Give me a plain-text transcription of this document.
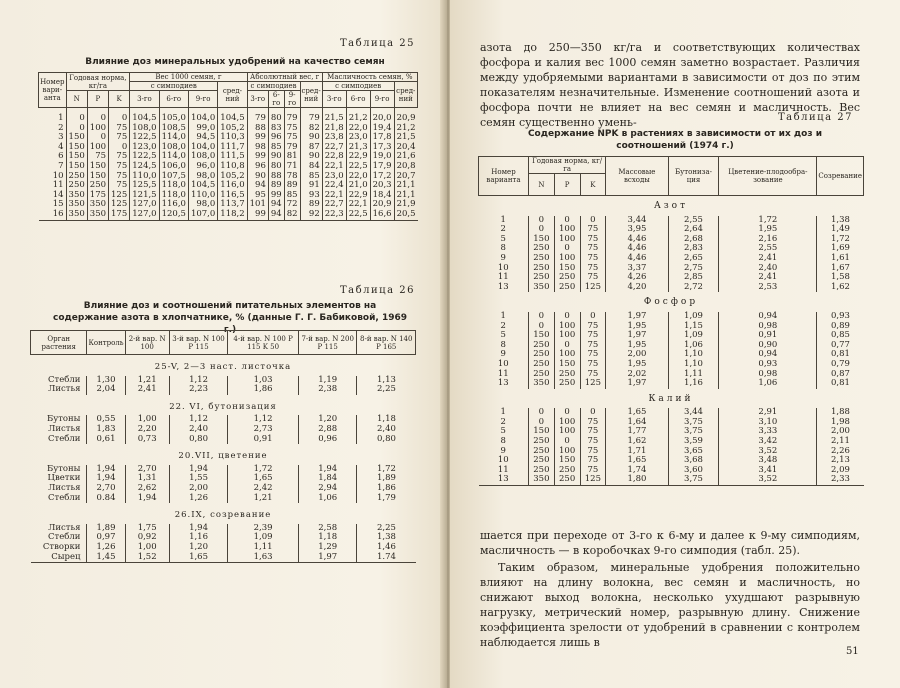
Таблица 25
Влияние доз минеральных удобрений на качество семян
Номер вари-анта	Годовая норма, кг/га			Вес 1000 семян, г				Абсолютный вес, г				Масличность семян, %			
				с симподиев			сред-ний	с симподиев			сред-ний	с симподиев			сред-ний
	N	P	K	3-го	6-го	9-го		3-го	6-го	9-го		3-го	6-го	9-го	
1	0	0	0	104,5	105,0	104,0	104,5	79	80	79	79	21,5	21,2	20,0	20,9
2	0	100	75	108,0	108,5	99,0	105,2	88	83	75	82	21,8	22,0	19,4	21,2
3	150	0	75	122,5	114,0	94,5	110,3	99	96	75	90	23,8	23,0	17,8	21,5
4	150	100	0	123,0	108,0	104,0	111,7	98	85	79	87	22,7	21,3	17,3	20,4
6	150	75	75	122,5	114,0	108,0	111,5	99	90	81	90	22,8	22,9	19,0	21,6
7	150	150	75	124,5	106,0	96,0	110,8	96	80	71	84	22,1	22,5	17,9	20,8
10	250	150	75	110,0	107,5	98,0	105,2	90	88	78	85	23,0	22,0	17,2	20,7
11	250	250	75	125,5	118,0	104,5	116,0	94	89	89	91	22,4	21,0	20,3	21,1
14	350	175	125	121,5	118,0	110,0	116,5	95	99	85	93	22,1	22,9	18,4	21,1
15	350	350	125	127,0	116,0	98,0	113,7	101	94	72	89	22,7	22,1	20,9	21,9
16	350	350	175	127,0	120,5	107,0	118,2	99	94	82	92	22,3	22,5	16,6	20,5
Таблица 26
Влияние доз и соотношений питательных элементов на содержание азота в хлопчатнике, % (данные Г. Г. Бабиковой, 1969 г.)
Орган растения	Контроль	2-й вар. N 100	3-й вар. N 100 P 115	4-й вар. N 100 P 115 K 50	7-й вар. N 200 P 115	8-й вар. N 140 P 165
25-V, 2—3 наст. листочка						
Стебли	1,30	1,21	1,12	1,03	1,19	1,13
Листья	2,04	2,41	2,23	1,86	2,38	2,25
22. VI, бутонизация						
Бутоны	0,55	1,00	1,12	1,12	1,20	1,18
Листья	1,83	2,20	2,40	2,73	2,88	2,40
Стебли	0,61	0,73	0,80	0,91	0,96	0,80
20.VII, цветение						
Бутоны	1,94	2,70	1,94	1,72	1,94	1,72
Цветки	1,94	1,31	1,55	1,65	1,84	1,89
Листья	2,70	2,62	2,00	2,42	2,94	1,86
Стебли	0.84	1,94	1,26	1,21	1,06	1,79
26.IX, созревание						
Листья	1,89	1,75	1,94	2,39	2,58	2,25
Стебли	0,97	0,92	1,16	1,09	1,18	1,38
Створки	1,26	1,00	1,20	1,11	1,29	1,46
Сырец	1,45	1,52	1,65	1,63	1,97	1.74
азота до 250—350 кг/га и соответствующих количествах фосфора и калия вес 1000 семян заметно возрастает. Различия между удобряемыми вариантами в зависимости от доз по этим показателям незначительные. Изменение соотношений азота и фосфора почти не влияет на вес семян и масличность. Вес семян существенно умень-	Таблица 27
Содержание NPK в растениях в зависимости от их доз и соотношений (1974 г.)
Номер варианта	Годовая норма, кг/га			Массовые всходы	Бутониза-ция	Цветение-плодообра-зование	Созревание
	N	P	K				
Азот							
1	0	0	0	3,44	2,55	1,72	1,38
2	0	100	75	3,95	2,64	1,95	1,49
5	150	100	75	4,46	2,68	2,16	1,72
8	250	0	75	4,46	2,83	2,55	1,69
9	250	100	75	4,46	2,65	2,41	1,61
10	250	150	75	3,37	2,75	2,40	1,67
11	250	250	75	4,26	2,85	2,41	1,58
13	350	250	125	4,20	2,72	2,53	1,62
Фосфор							
1	0	0	0	1,97	1,09	0,94	0,93
2	0	100	75	1,95	1,15	0,98	0,89
5	150	100	75	1,97	1,09	0,91	0,85
8	250	0	75	1,95	1,06	0,90	0,77
9	250	100	75	2,00	1,10	0,94	0,81
10	250	150	75	1,95	1,10	0,93	0,79
11	250	250	75	2,02	1,11	0,98	0,87
13	350	250	125	1,97	1,16	1,06	0,81
Калий							
1	0	0	0	1,65	3,44	2,91	1,88
2	0	100	75	1,64	3,75	3,10	1,98
5	150	100	75	1,77	3,75	3,33	2,00
8	250	0	75	1,62	3,59	3,42	2,11
9	250	100	75	1,71	3,65	3,52	2,26
10	250	150	75	1,65	3,68	3,48	2,13
11	250	250	75	1,74	3,60	3,41	2,09
13	350	250	125	1,80	3,75	3,52	2,33
шается при переходе от 3-го к 6-му и далее к 9-му симподиям, масличность — в коробочках 9-го симподия (табл. 25).
Таким образом, минеральные удобрения положительно влияют на длину волокна, вес семян и масличность, но снижают выход волокна, несколько ухудшают разрывную нагрузку, метрический номер, разрывную длину. Снижение коэффициента зрелости от удобрений в сравнении с контролем наблюдается лишь в
51
